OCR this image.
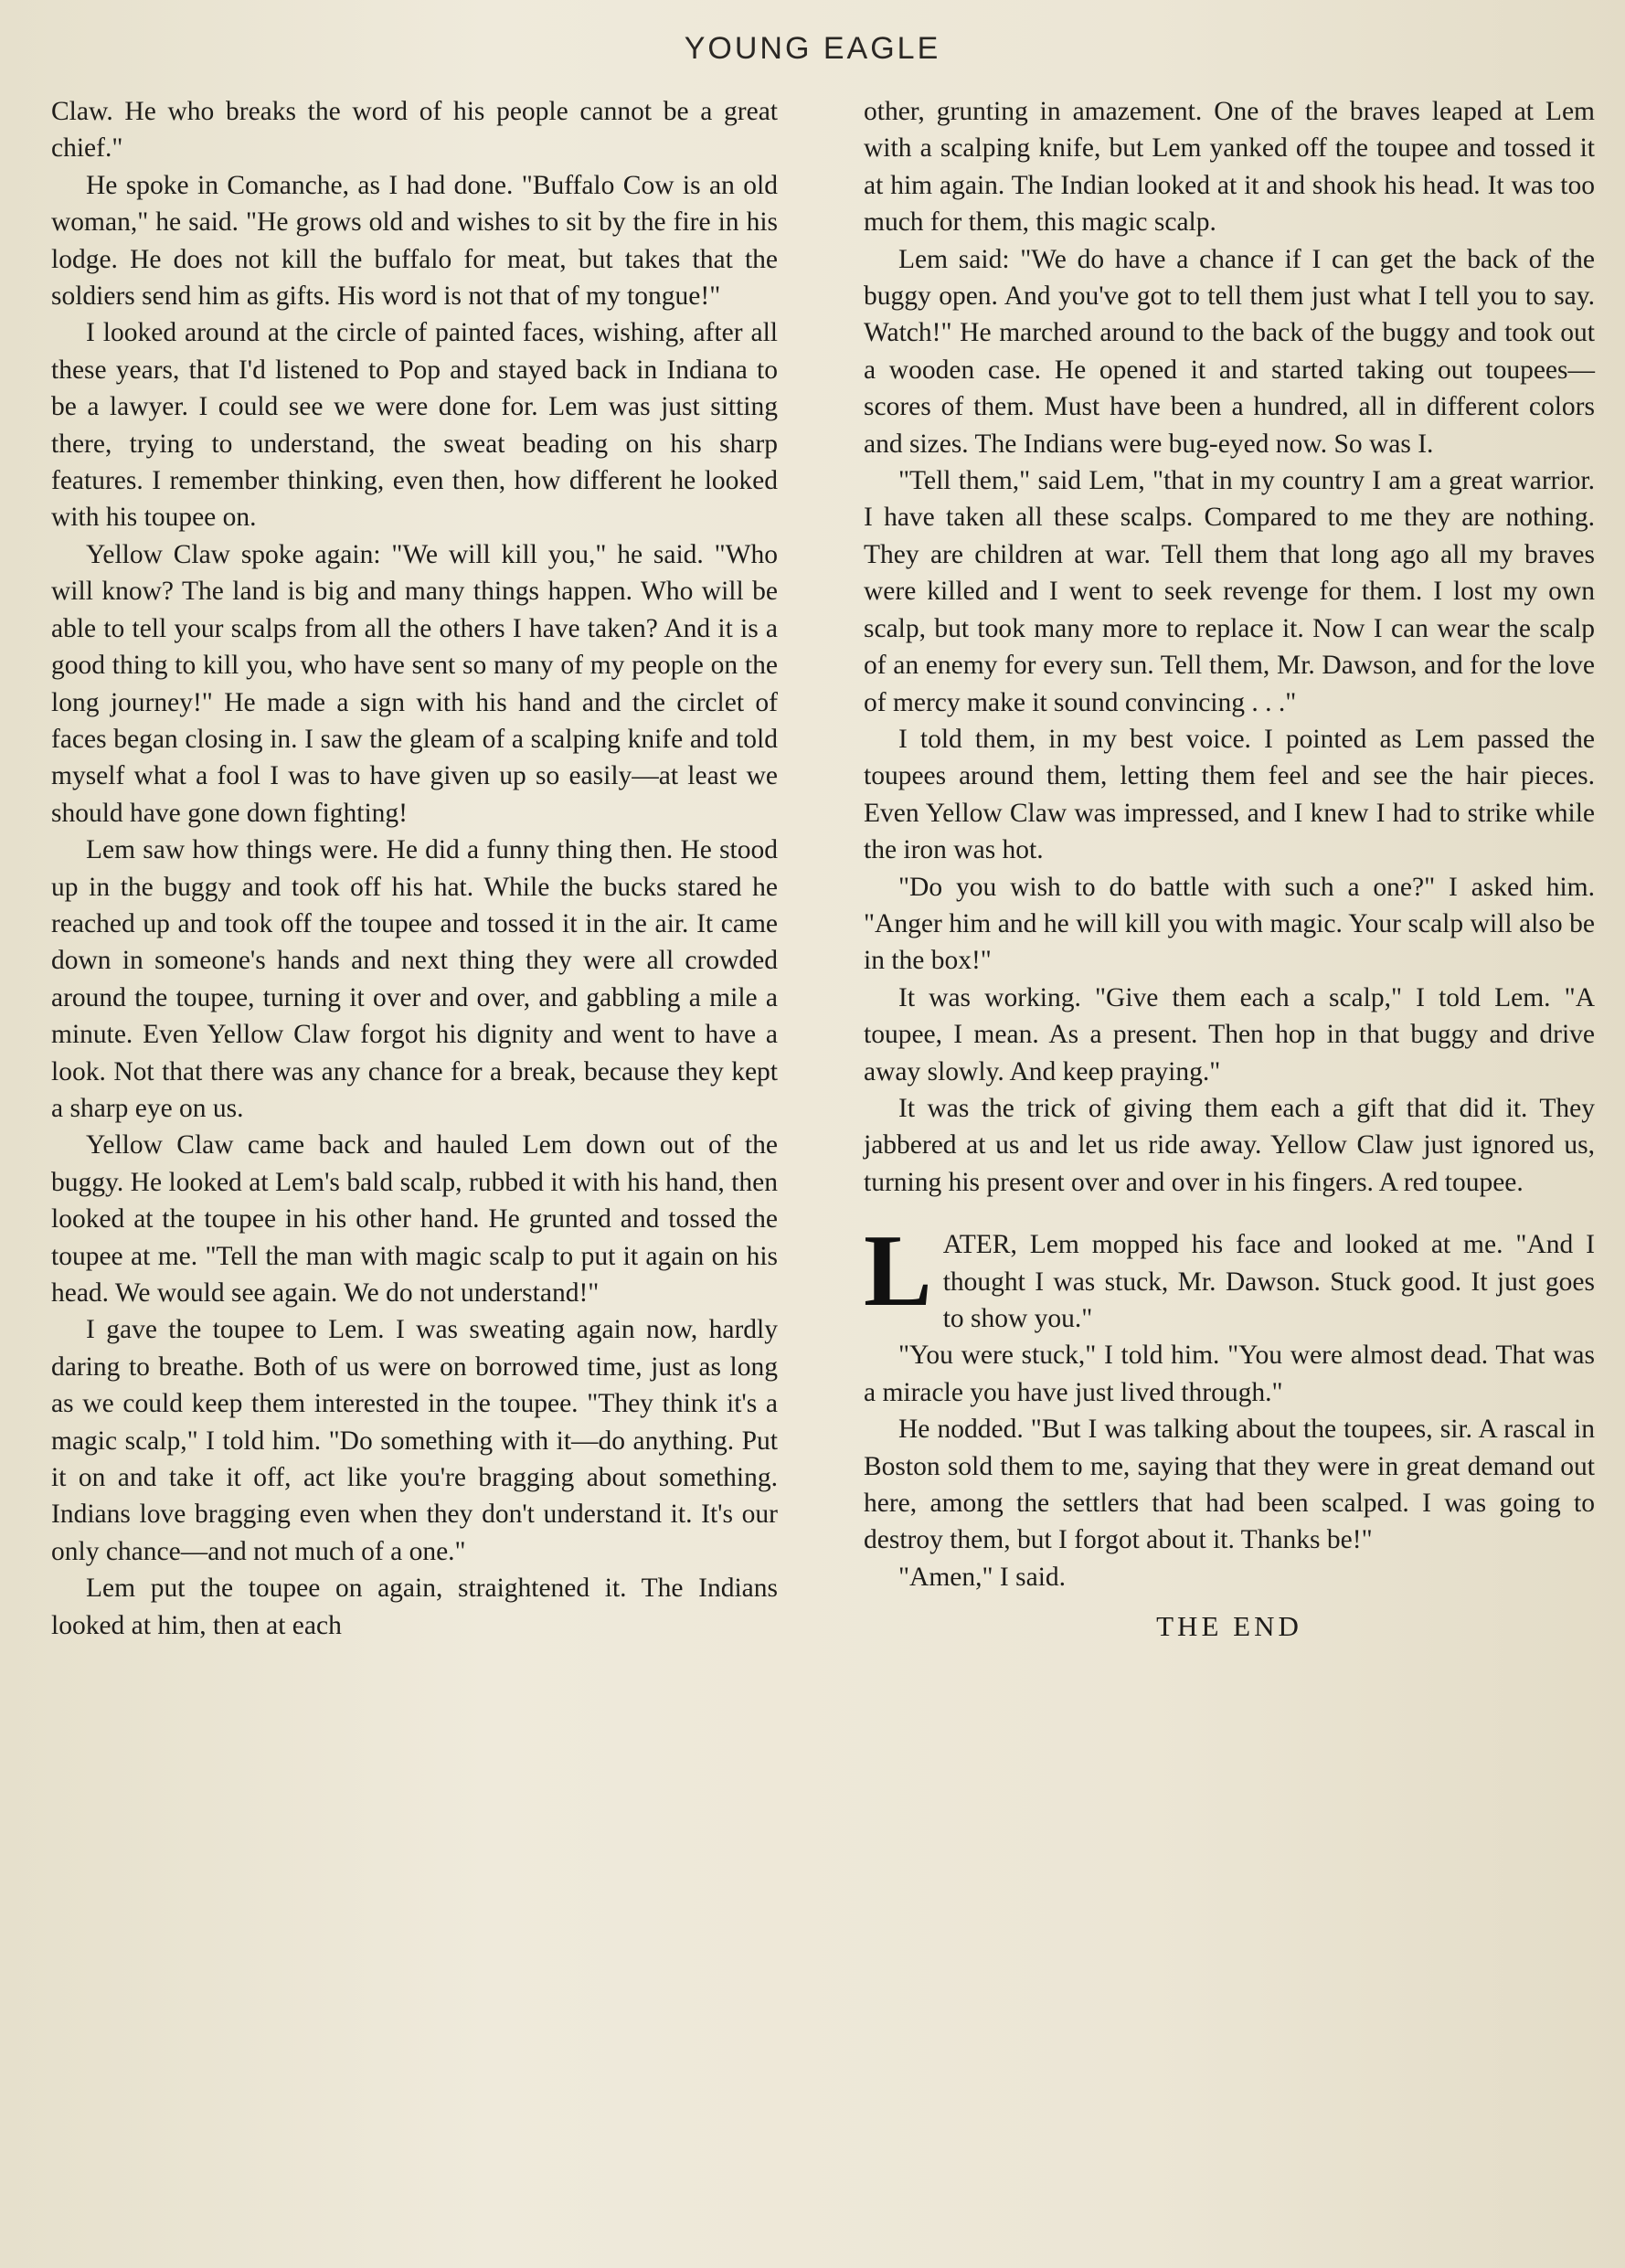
YOUNG EAGLE

Claw. He who breaks the word of his people cannot be a great chief."

He spoke in Comanche, as I had done. "Buffalo Cow is an old woman," he said. "He grows old and wishes to sit by the fire in his lodge. He does not kill the buffalo for meat, but takes that the soldiers send him as gifts. His word is not that of my tongue!"

I looked around at the circle of painted faces, wishing, after all these years, that I'd listened to Pop and stayed back in Indiana to be a lawyer. I could see we were done for. Lem was just sitting there, trying to understand, the sweat beading on his sharp features. I remember thinking, even then, how different he looked with his toupee on.

Yellow Claw spoke again: "We will kill you," he said. "Who will know? The land is big and many things happen. Who will be able to tell your scalps from all the others I have taken? And it is a good thing to kill you, who have sent so many of my people on the long journey!" He made a sign with his hand and the circlet of faces began closing in. I saw the gleam of a scalping knife and told myself what a fool I was to have given up so easily—at least we should have gone down fighting!

Lem saw how things were. He did a funny thing then. He stood up in the buggy and took off his hat. While the bucks stared he reached up and took off the toupee and tossed it in the air. It came down in someone's hands and next thing they were all crowded around the toupee, turning it over and over, and gabbling a mile a minute. Even Yellow Claw forgot his dignity and went to have a look. Not that there was any chance for a break, because they kept a sharp eye on us.

Yellow Claw came back and hauled Lem down out of the buggy. He looked at Lem's bald scalp, rubbed it with his hand, then looked at the toupee in his other hand. He grunted and tossed the toupee at me. "Tell the man with magic scalp to put it again on his head. We would see again. We do not understand!"

I gave the toupee to Lem. I was sweating again now, hardly daring to breathe. Both of us were on borrowed time, just as long as we could keep them interested in the toupee. "They think it's a magic scalp," I told him. "Do something with it—do anything. Put it on and take it off, act like you're bragging about something. Indians love bragging even when they don't understand it. It's our only chance—and not much of a one."

Lem put the toupee on again, straightened it. The Indians looked at him, then at each

other, grunting in amazement. One of the braves leaped at Lem with a scalping knife, but Lem yanked off the toupee and tossed it at him again. The Indian looked at it and shook his head. It was too much for them, this magic scalp.

Lem said: "We do have a chance if I can get the back of the buggy open. And you've got to tell them just what I tell you to say. Watch!" He marched around to the back of the buggy and took out a wooden case. He opened it and started taking out toupees—scores of them. Must have been a hundred, all in different colors and sizes. The Indians were bug-eyed now. So was I.

"Tell them," said Lem, "that in my country I am a great warrior. I have taken all these scalps. Compared to me they are nothing. They are children at war. Tell them that long ago all my braves were killed and I went to seek revenge for them. I lost my own scalp, but took many more to replace it. Now I can wear the scalp of an enemy for every sun. Tell them, Mr. Dawson, and for the love of mercy make it sound convincing . . ."

I told them, in my best voice. I pointed as Lem passed the toupees around them, letting them feel and see the hair pieces. Even Yellow Claw was impressed, and I knew I had to strike while the iron was hot.

"Do you wish to do battle with such a one?" I asked him. "Anger him and he will kill you with magic. Your scalp will also be in the box!"

It was working. "Give them each a scalp," I told Lem. "A toupee, I mean. As a present. Then hop in that buggy and drive away slowly. And keep praying."

It was the trick of giving them each a gift that did it. They jabbered at us and let us ride away. Yellow Claw just ignored us, turning his present over and over in his fingers. A red toupee.

LATER, Lem mopped his face and looked at me. "And I thought I was stuck, Mr. Dawson. Stuck good. It just goes to show you."

"You were stuck," I told him. "You were almost dead. That was a miracle you have just lived through."

He nodded. "But I was talking about the toupees, sir. A rascal in Boston sold them to me, saying that they were in great demand out here, among the settlers that had been scalped. I was going to destroy them, but I forgot about it. Thanks be!"

"Amen," I said.

THE END
